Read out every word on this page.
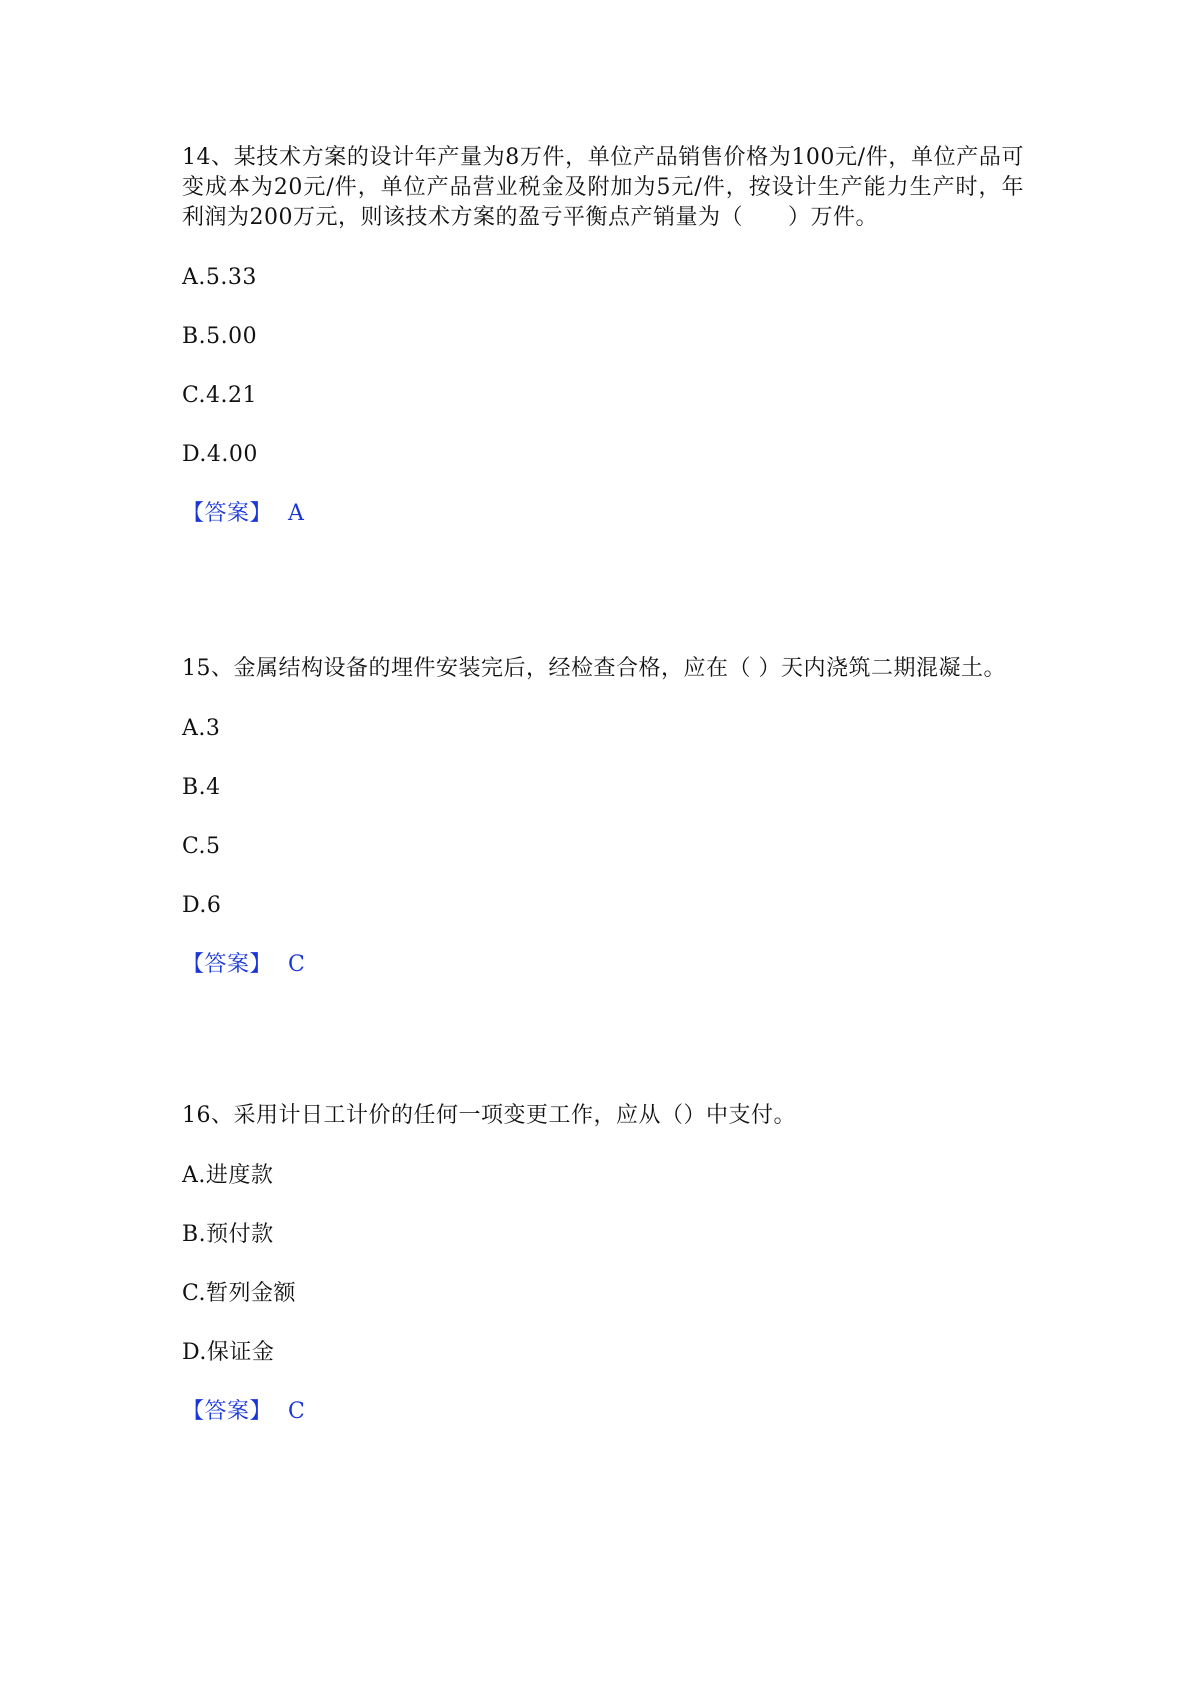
14、某技术方案的设计年产量为8万件，单位产品销售价格为100元/件，单位产品可变成本为20元/件，单位产品营业税金及附加为5元/件，按设计生产能力生产时，年利润为200万元，则该技术方案的盈亏平衡点产销量为（　　）万件。

A.5.33

B.5.00

C.4.21

D.4.00

【答案】 A

15、金属结构设备的埋件安装完后，经检查合格，应在（ ）天内浇筑二期混凝土。

A.3

B.4

C.5

D.6

【答案】 C

16、采用计日工计价的任何一项变更工作，应从（）中支付。

A.进度款

B.预付款

C.暂列金额

D.保证金

【答案】 C
